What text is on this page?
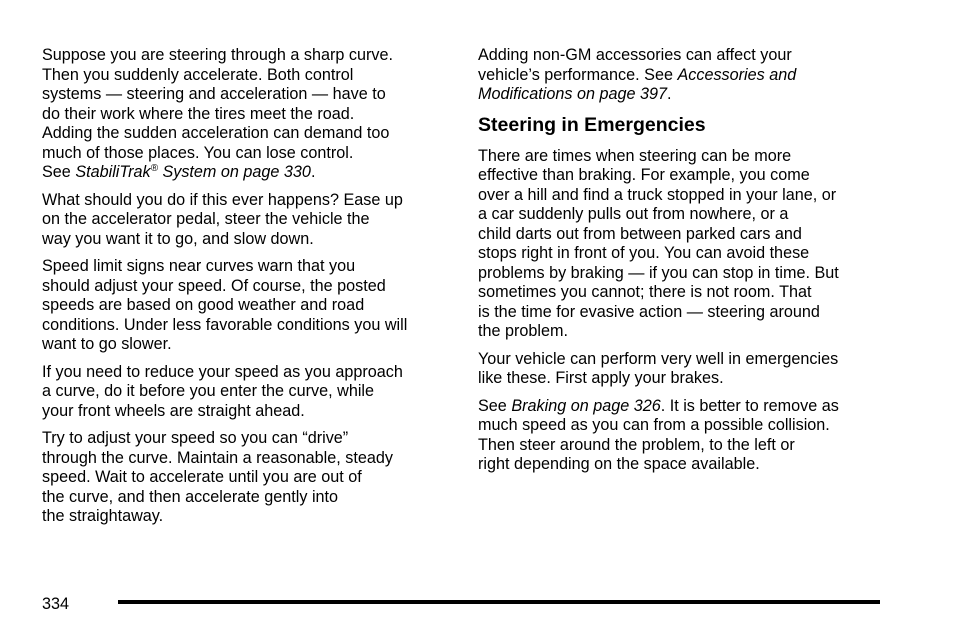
Suppose you are steering through a sharp curve.
Then you suddenly accelerate. Both control
systems — steering and acceleration — have to
do their work where the tires meet the road.
Adding the sudden acceleration can demand too
much of those places. You can lose control.
See StabiliTrak® System on page 330.
What should you do if this ever happens? Ease up
on the accelerator pedal, steer the vehicle the
way you want it to go, and slow down.
Speed limit signs near curves warn that you
should adjust your speed. Of course, the posted
speeds are based on good weather and road
conditions. Under less favorable conditions you will
want to go slower.
If you need to reduce your speed as you approach
a curve, do it before you enter the curve, while
your front wheels are straight ahead.
Try to adjust your speed so you can “drive”
through the curve. Maintain a reasonable, steady
speed. Wait to accelerate until you are out of
the curve, and then accelerate gently into
the straightaway.
Adding non-GM accessories can affect your
vehicle’s performance. See Accessories and
Modifications on page 397.
Steering in Emergencies
There are times when steering can be more
effective than braking. For example, you come
over a hill and find a truck stopped in your lane, or
a car suddenly pulls out from nowhere, or a
child darts out from between parked cars and
stops right in front of you. You can avoid these
problems by braking — if you can stop in time. But
sometimes you cannot; there is not room. That
is the time for evasive action — steering around
the problem.
Your vehicle can perform very well in emergencies
like these. First apply your brakes.
See Braking on page 326. It is better to remove as
much speed as you can from a possible collision.
Then steer around the problem, to the left or
right depending on the space available.
334
